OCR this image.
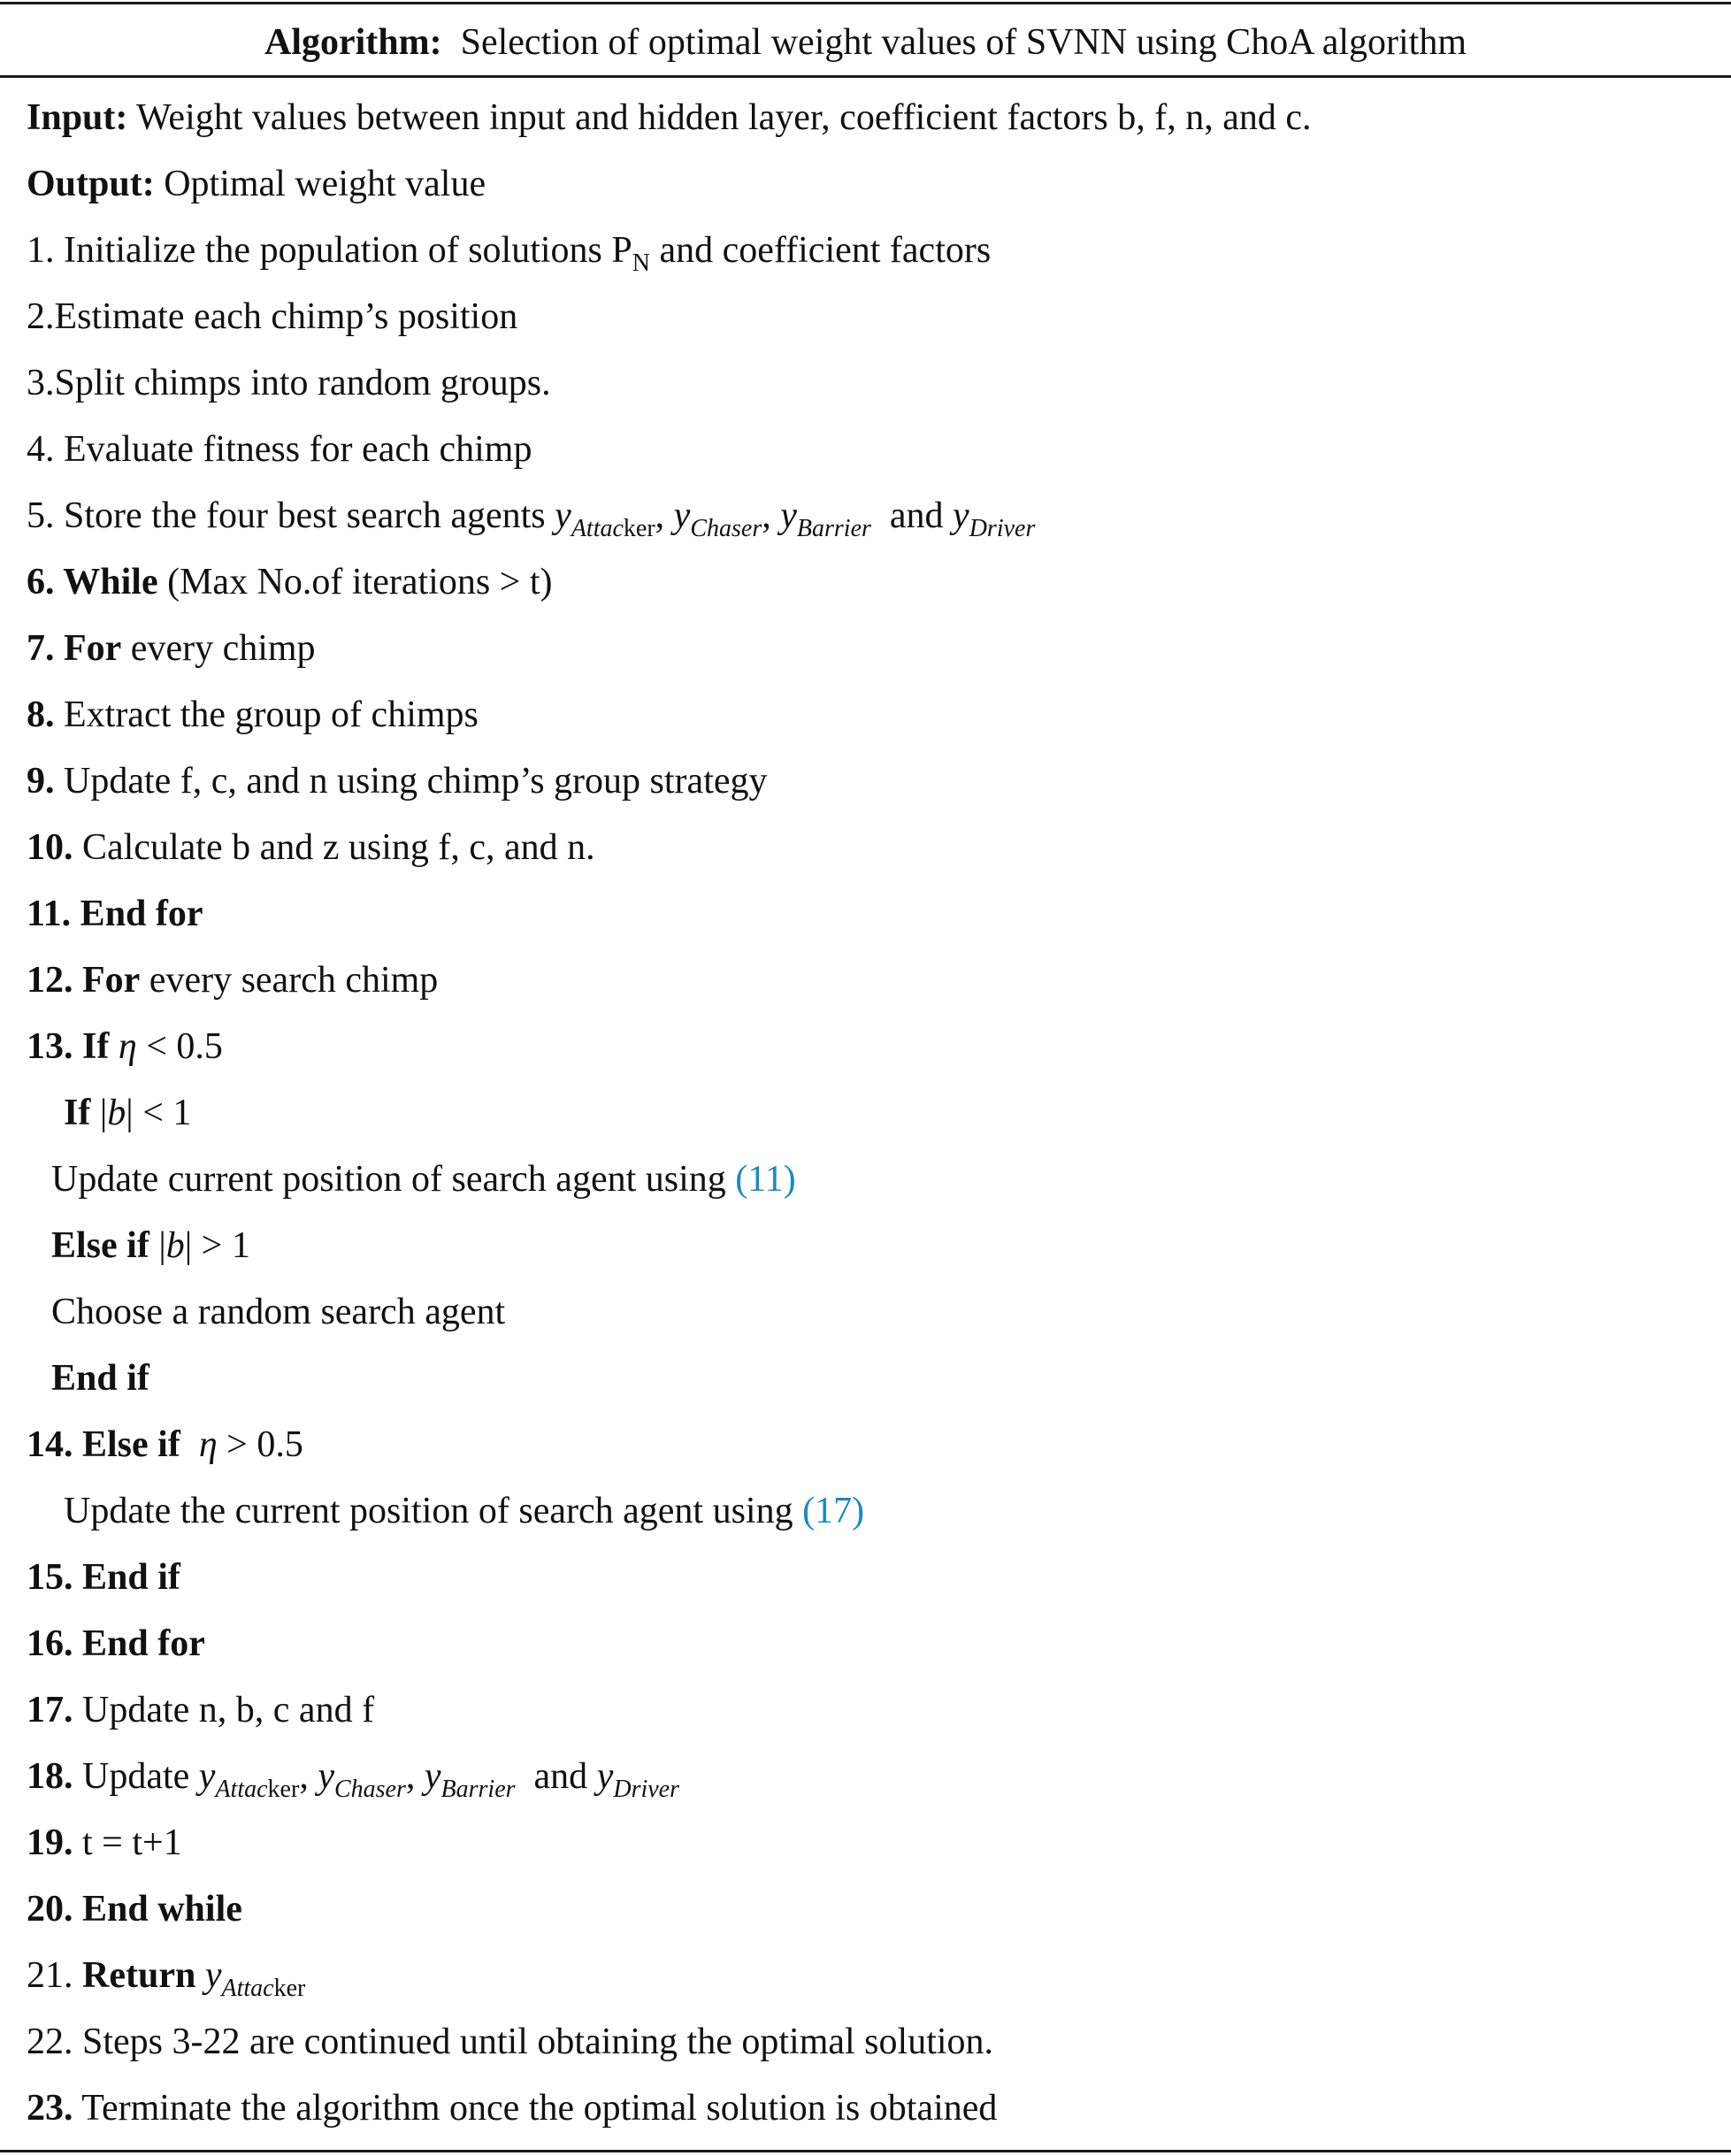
Algorithm: Selection of optimal weight values of SVNN using ChoA algorithm
Input: Weight values between input and hidden layer, coefficient factors b, f, n, and c.
Output: Optimal weight value
1. Initialize the population of solutions $P_N$ and coefficient factors
2.Estimate each chimp’s position
3.Split chimps into random groups.
4. Evaluate fitness for each chimp
5. Store the four best search agents $y_{Attacker}$, $y_{Chaser}$, $y_{Barrier}$ and $y_{Driver}$
6. While (Max No.of iterations > t)
7. For every chimp
8. Extract the group of chimps
9. Update f, c, and n using chimp’s group strategy
10. Calculate b and z using f, c, and n.
11. End for
12. For every search chimp
13. If η < 0.5
If |b| < 1
Update current position of search agent using (11)
Else if |b| > 1
Choose a random search agent
End if
14. Else if η > 0.5
Update the current position of search agent using (17)
15. End if
16. End for
17. Update n, b, c and f
18. Update $y_{Attacker}$, $y_{Chaser}$, $y_{Barrier}$ and $y_{Driver}$
19. t = t+1
20. End while
21. Return $y_{Attacker}$
22. Steps 3-22 are continued until obtaining the optimal solution.
23. Terminate the algorithm once the optimal solution is obtained
